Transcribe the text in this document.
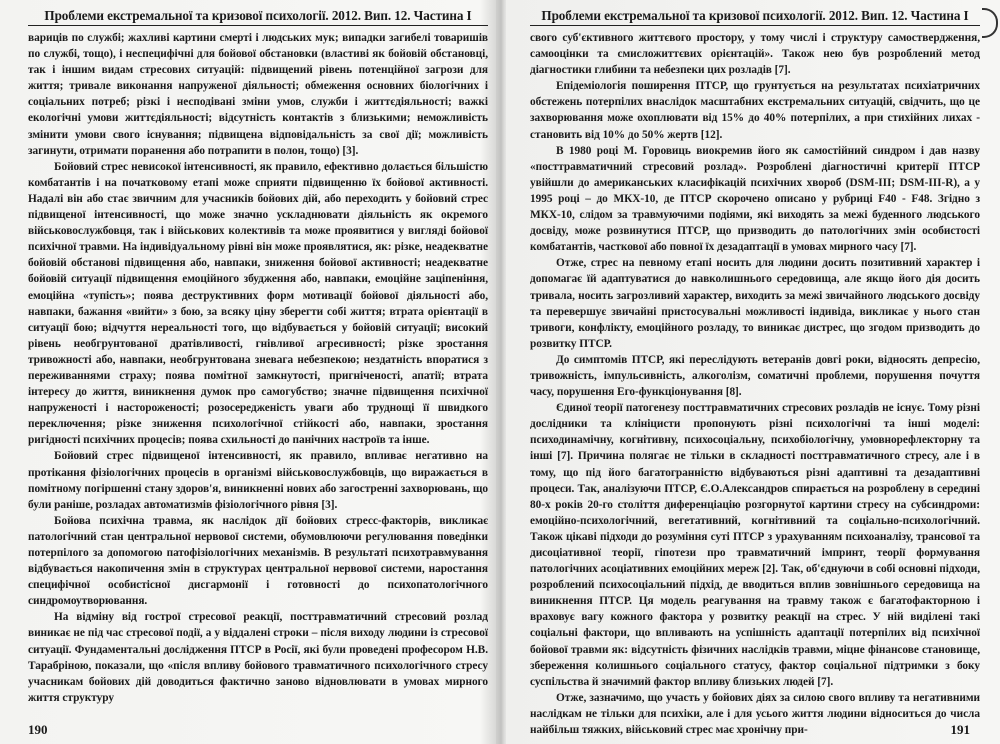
Проблеми екстремальної та кризової психології. 2012. Вип. 12. Частина І

вариців по службі; жахливі картини смерті і людських мук; випадки загибелі товаришів по службі, тощо), і неспецифічні для бойової обстановки (властиві як бойовій обстановці, так і іншим видам стресових ситуацій: підвищений рівень потенційної загрози для життя; тривале виконання напруженої діяльності; обмеження основних біологічних і соціальних потреб; різкі і несподівані зміни умов, служби і життєдіяльності; важкі екологічні умови життєдіяльності; відсутність контактів з близькими; неможливість змінити умови свого існування; підвищена відповідальність за свої дії; можливість загинути, отримати поранення або потрапити в полон, тощо) [3].

Бойовий стрес невисокої інтенсивності, як правило, ефективно долається більшістю комбатантів і на початковому етапі може сприяти підвищенню їх бойової активності. Надалі він або стає звичним для учасників бойових дій, або переходить у бойовий стрес підвищеної інтенсивності, що може значно ускладнювати діяльність як окремого військовослужбовця, так і військових колективів та може проявитися у вигляді бойової психічної травми. На індивідуальному рівні він може проявлятися, як: різке, неадекватне бойовій обстанові підвищення або, навпаки, зниження бойової активності; неадекватне бойовій ситуації підвищення емоційного збудження або, навпаки, емоційне заціпеніння, емоційна «тупість»; поява деструктивних форм мотивації бойової діяльності або, навпаки, бажання «вийти» з бою, за всяку ціну зберегти собі життя; втрата орієнтації в ситуації бою; відчуття нереальності того, що відбувається у бойовій ситуації; високий рівень необгрунтованої дратівливості, гнівливої агресивності; різке зростання тривожності або, навпаки, необгрунтована зневага небезпекою; нездатність впоратися з переживаннями страху; поява помітної замкнутості, пригніченості, апатії; втрата інтересу до життя, виникнення думок про самогубство; значне підвищення психічної напруженості і настороженості; розосередженість уваги або труднощі її швидкого переключення; різке зниження психологічної стійкості або, навпаки, зростання ригідності психічних процесів; поява схильності до панічних настроїв та інше.

Бойовий стрес підвищеної інтенсивності, як правило, впливає негативно на протікання фізіологічних процесів в організмі військовослужбовців, що виражається в помітному погіршенні стану здоров'я, виникненні нових або загостренні захворювань, що були раніше, розладах автоматизмів фізіологічного рівня [3].

Бойова психічна травма, як наслідок дії бойових стресс-факторів, викликає патологічний стан центральної нервової системи, обумовлюючи регулювання поведінки потерпілого за допомогою патофізіологічних механізмів. В результаті психотравмування відбувається накопичення змін в структурах центральної нервової системи, наростання специфічної особистісної дисгармонії і готовності до психопатологічного синдромоутворювання.

На відміну від гострої стресової реакції, посттравматичний стресовий розлад виникає не під час стресової події, а у віддалені строки – після виходу людини із стресової ситуації. Фундаментальні дослідження ПТСР в Росії, які були проведені професором Н.В. Тарабріною, показали, що «після впливу бойового травматичного психологічного стресу учасникам бойових дій доводиться фактично заново відновлювати в умовах мирного життя структуру

190
Проблеми екстремальної та кризової психології. 2012. Вип. 12. Частина І

свого суб'єктивного життєвого простору, у тому числі і структуру самоствердження, самооцінки та смисложиттєвих орієнтацій». Також нею був розроблений метод діагностики глибини та небезпеки цих розладів [7].

Епідеміологія поширення ПТСР, що грунтується на результатах психіатричних обстежень потерпілих внаслідок масштабних екстремальних ситуацій, свідчить, що це захворювання може охоплювати від 15% до 40% потерпілих, а при стихійних лихах - становить від 10% до 50% жертв [12].

В 1980 році М. Горовиць виокремив його як самостійний синдром і дав назву «посттравматичний стресовий розлад». Розроблені діагностичні критерії ПТСР увійшли до американських класифікацій психічних хвороб (DSM-III; DSM-III-R), а у 1995 році – до МКХ-10, де ПТСР скорочено описано у рубриці F40 - F48. Згідно з МКХ-10, слідом за травмуючими подіями, які виходять за межі буденного людського досвіду, може розвинутися ПТСР, що призводить до патологічних змін особистості комбатантів, часткової або повної їх дезадаптації в умовах мирного часу [7].

Отже, стрес на певному етапі носить для людини досить позитивний характер і допомагає їй адаптуватися до навколишнього середовища, але якщо його дія досить тривала, носить загрозливий характер, виходить за межі звичайного людського досвіду та перевершує звичайні пристосувальні можливості індивіда, викликає у нього стан тривоги, конфлікту, емоційного розладу, то виникає дистрес, що згодом призводить до розвитку ПТСР.

До симптомів ПТСР, які переслідують ветеранів довгі роки, відносять депресію, тривожність, імпульсивність, алкоголізм, соматичні проблеми, порушення почуття часу, порушення Его-функціонування [8].

Єдиної теорії патогенезу посттравматичних стресових розладів не існує. Тому різні дослідники та клініцисти пропонують різні психологічні та інші моделі: психодинамічну, когнітивну, психосоціальну, психобіологічну, умовнорефлекторну та інші [7]. Причина полягає не тільки в складності посттравматичного стресу, але і в тому, що під його багатогранністю відбуваються різні адаптивні та дезадаптивні процеси. Так, аналізуючи ПТСР, Є.О.Александров спирається на розроблену в середині 80-х років 20-го століття диференціацію розгорнутої картини стресу на субсиндроми: емоційно-психологічний, вегетативний, когнітивний та соціально-психологічний. Також цікаві підходи до розуміння суті ПТСР з урахуванням психоаналізу, трансової та дисоціативної теорії, гіпотези про травматичний імпринт, теорії формування патологічних асоціативних емоційних мереж [2]. Так, об'єднуючи в собі основні підходи, розроблений психосоціальний підхід, де вводиться вплив зовнішнього середовища на виникнення ПТСР. Ця модель реагування на травму також є багатофакторною і враховує вагу кожного фактора у розвитку реакції на стрес. У ній виділені такі соціальні фактори, що впливають на успішність адаптації потерпілих від психічної бойової травми як: відсутність фізичних наслідків травми, міцне фінансове становище, збереження колишнього соціального статусу, фактор соціальної підтримки з боку суспільства й значимий фактор впливу близьких людей [7].

Отже, зазначимо, що участь у бойових діях за силою свого впливу та негативними наслідкам не тільки для психіки, але і для усього життя людини відноситься до числа найбільш тяжких, військовий стрес має хронічну при-	191
